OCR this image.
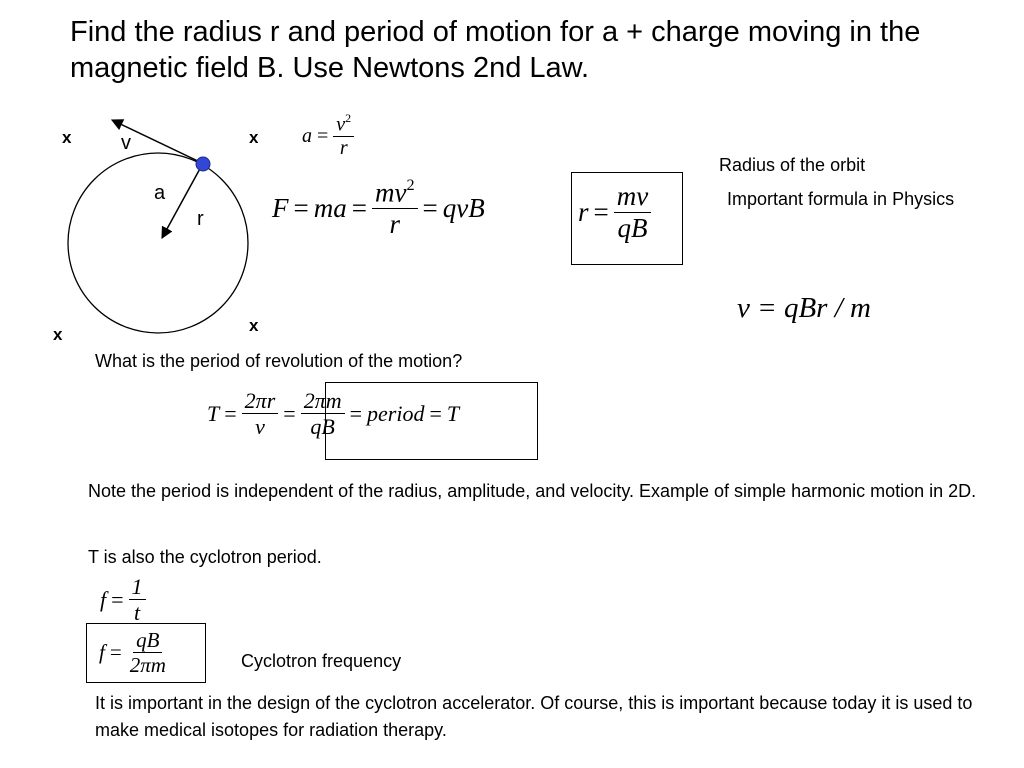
Find the radius r and period of motion for a + charge moving in the magnetic field B. Use Newtons 2nd Law.
x	x
x	x
v
a
r
$a = \frac{v^2}{r}$
F = ma = $\frac{mv^2}{r}$ = qvB	$r = \frac{mv}{qB}$
Radius of the orbit
Important formula in Physics
v = qBr / m
What is the period of revolution of the motion?
$T = \frac{2\pi r}{v} = \frac{2\pi m}{qB}$ = period = T
Note the period is independent of the radius, amplitude, and velocity. Example of simple harmonic motion in 2D.
T is also the cyclotron period.
$f = \frac{1}{t}$
$f = \frac{qB}{2\pi m}$	Cyclotron frequency
It is important in the design of the cyclotron accelerator. Of course, this is important because today it is used to make medical isotopes for radiation therapy.
